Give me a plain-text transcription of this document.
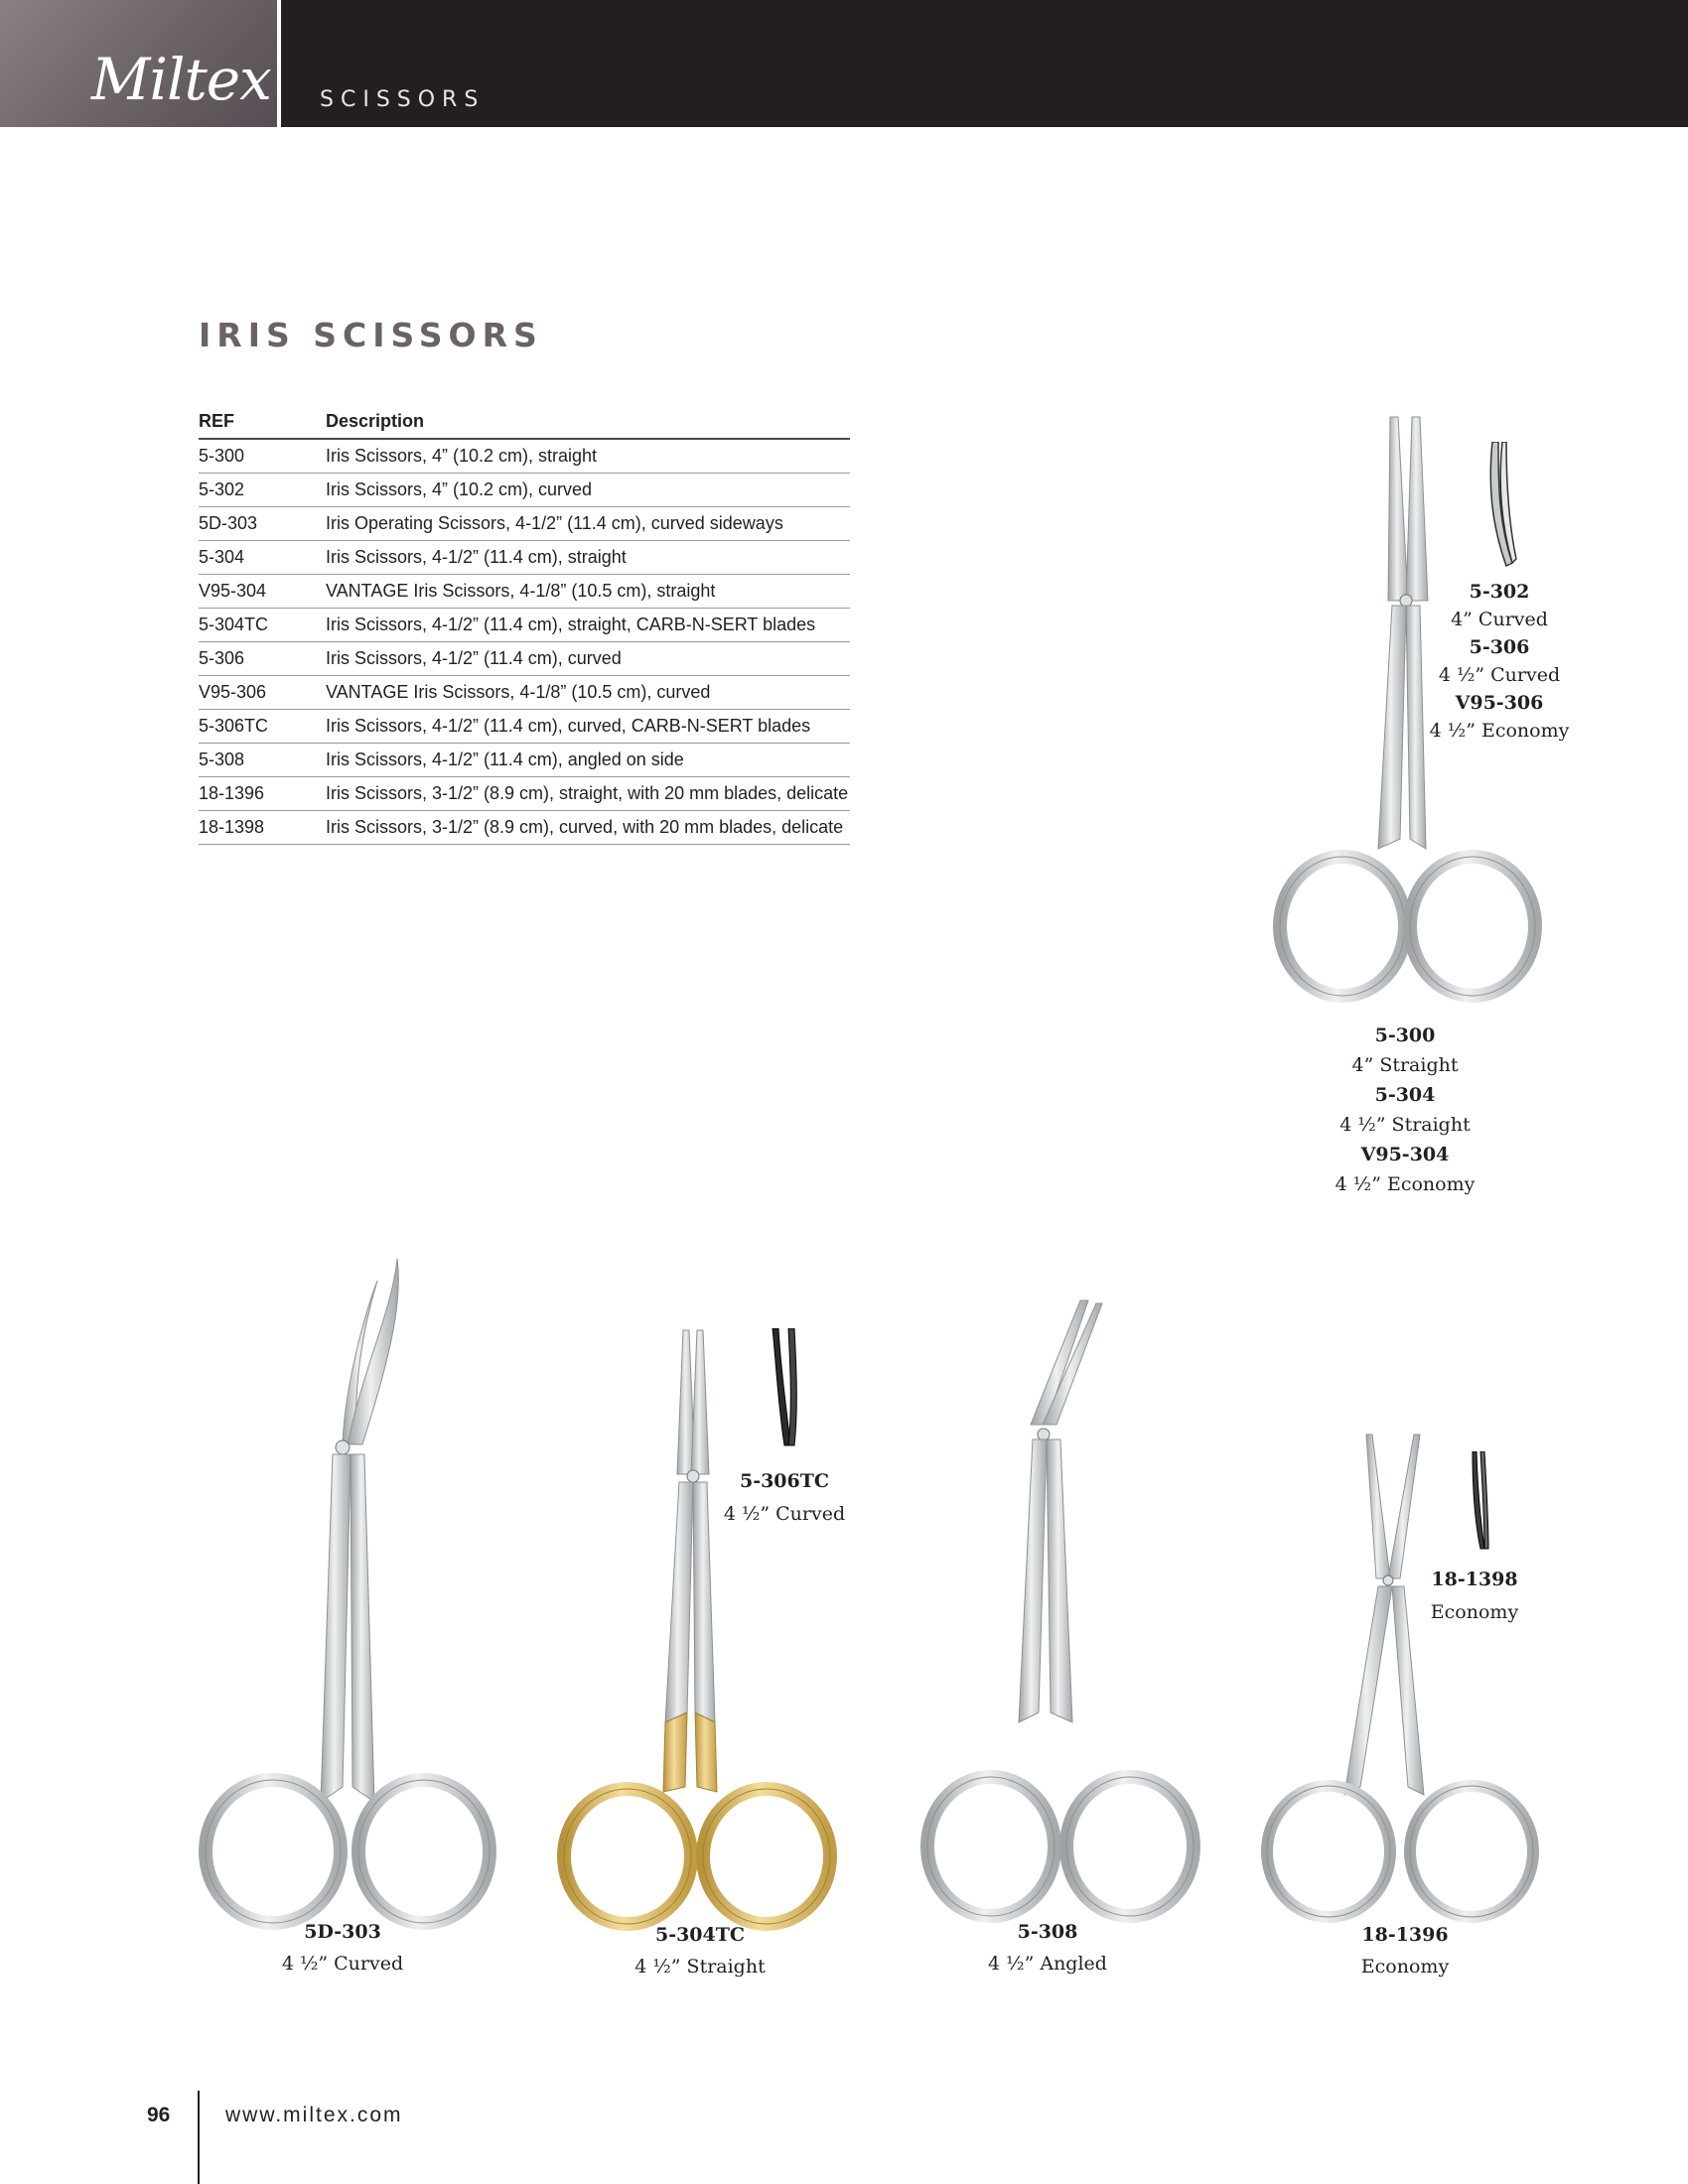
Miltex SCISSORS
IRIS SCISSORS
REF	Description
5-300	Iris Scissors, 4” (10.2 cm), straight
5-302	Iris Scissors, 4” (10.2 cm), curved
5D-303	Iris Operating Scissors, 4-1/2” (11.4 cm), curved sideways
5-304	Iris Scissors, 4-1/2” (11.4 cm), straight
V95-304	VANTAGE Iris Scissors, 4-1/8” (10.5 cm), straight
5-304TC	Iris Scissors, 4-1/2” (11.4 cm), straight, CARB-N-SERT blades
5-306	Iris Scissors, 4-1/2” (11.4 cm), curved
V95-306	VANTAGE Iris Scissors, 4-1/8” (10.5 cm), curved
5-306TC	Iris Scissors, 4-1/2” (11.4 cm), curved, CARB-N-SERT blades
5-308	Iris Scissors, 4-1/2” (11.4 cm), angled on side
18-1396	Iris Scissors, 3-1/2” (8.9 cm), straight, with 20 mm blades, delicate
18-1398	Iris Scissors, 3-1/2” (8.9 cm), curved, with 20 mm blades, delicate
5-302
4” Curved
5-306
4 ½” Curved
V95-306
4 ½” Economy
5-300
4” Straight
5-304
4 ½” Straight
V95-304
4 ½” Economy
5D-303
4 ½” Curved
5-306TC
4 ½” Curved
5-304TC
4 ½” Straight
5-308
4 ½” Angled
18-1398
Economy
18-1396
Economy
96	www.miltex.com
